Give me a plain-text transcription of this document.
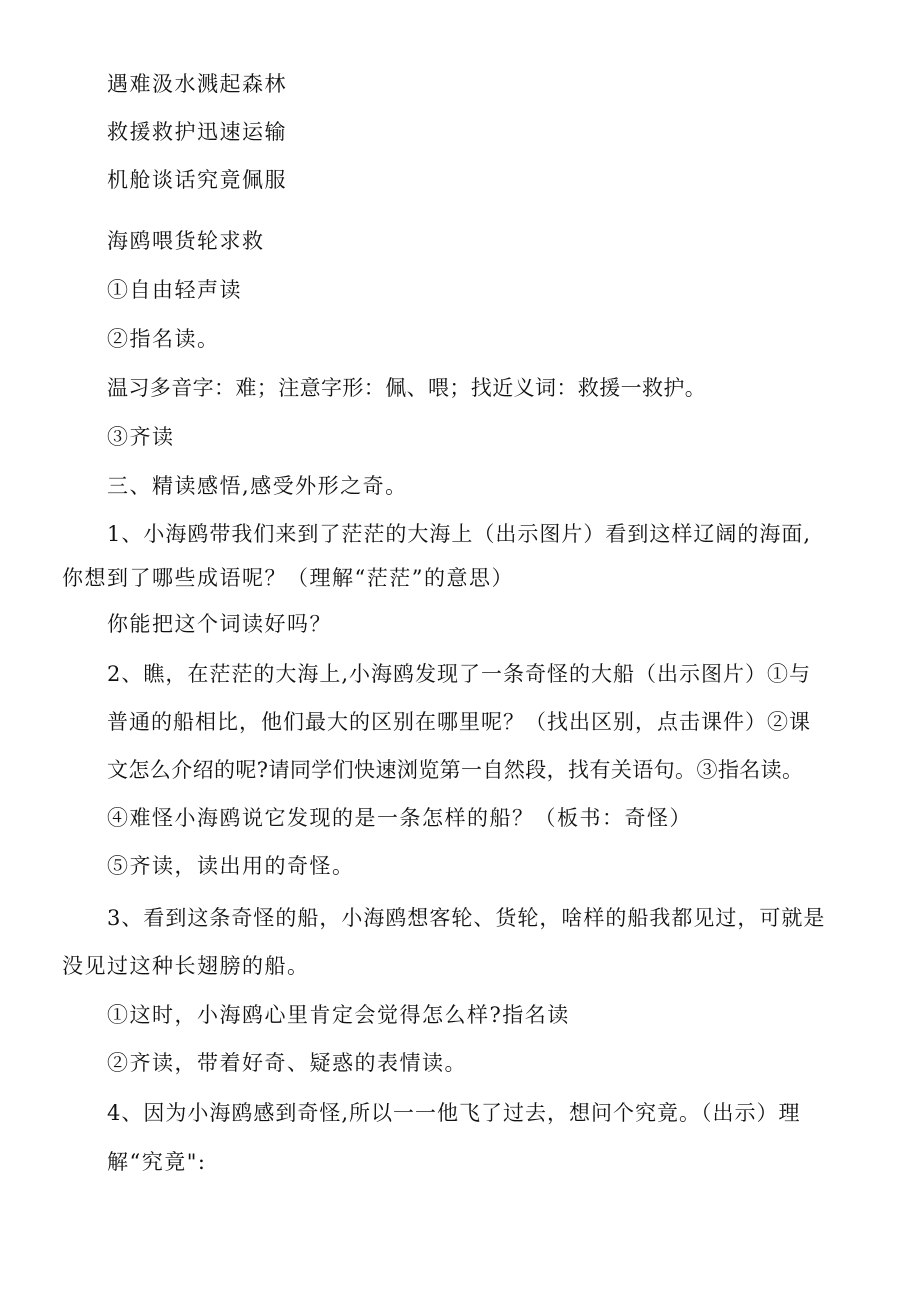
遇难汲水溅起森林
救援救护迅速运输
机舱谈话究竟佩服
海鸥喂货轮求救
①自由轻声读
②指名读。
温习多音字：难；注意字形：佩、喂；找近义词：救援一救护。
③齐读
三、精读感悟,感受外形之奇。
1、小海鸥带我们来到了茫茫的大海上（出示图片）看到这样辽阔的海面,
你想到了哪些成语呢？（理解“茫茫”的意思）
你能把这个词读好吗？
2、瞧，在茫茫的大海上,小海鸥发现了一条奇怪的大船（出示图片）①与
普通的船相比，他们最大的区别在哪里呢？（找出区别，点击课件）②课
文怎么介绍的呢?请同学们快速浏览第一自然段，找有关语句。③指名读。
④难怪小海鸥说它发现的是一条怎样的船？（板书：奇怪）
⑤齐读，读出用的奇怪。
3、看到这条奇怪的船，小海鸥想客轮、货轮，啥样的船我都见过，可就是
没见过这种长翅膀的船。
①这时，小海鸥心里肯定会觉得怎么样?指名读
②齐读，带着好奇、疑惑的表情读。
4、因为小海鸥感到奇怪,所以一一他飞了过去，想问个究竟。（出示）理
解“究竟":
